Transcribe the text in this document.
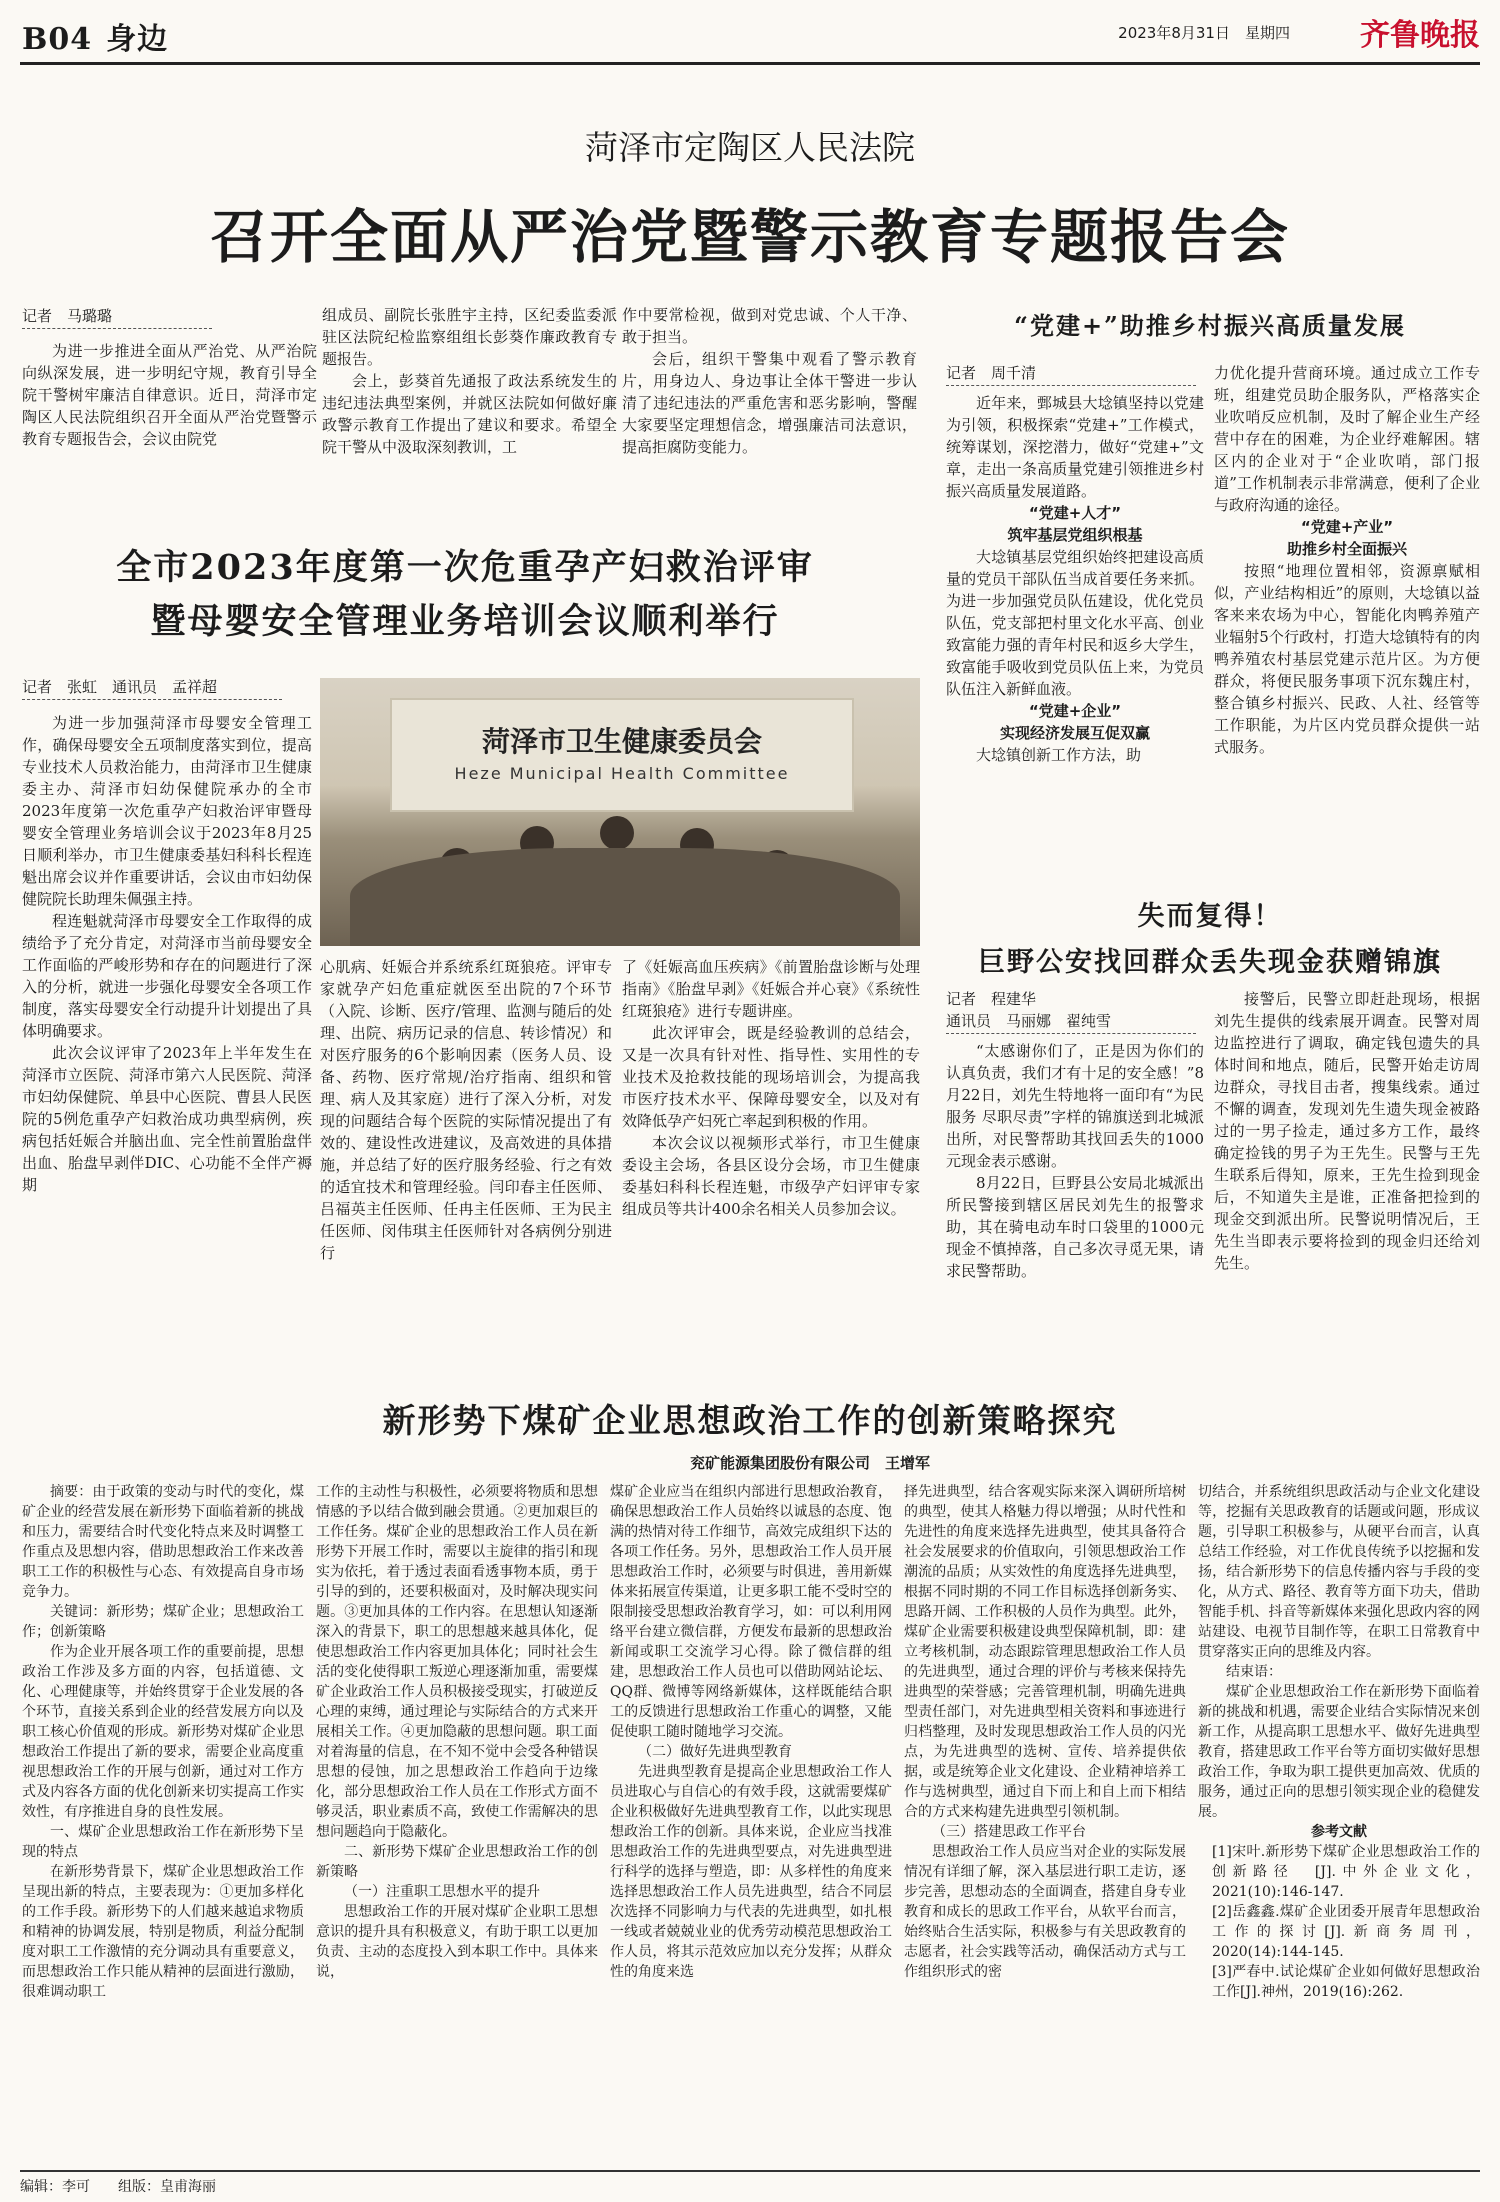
B04 身边	2023年8月31日　 星期四 齐鲁晚报
菏泽市定陶区人民法院
召开全面从严治党暨警示教育专题报告会
记者　马璐璐

为进一步推进全面从严治党、从严治院向纵深发展，进一步明纪守规，教育引导全院干警树牢廉洁自律意识。近日，菏泽市定陶区人民法院组织召开全面从严治党暨警示教育专题报告会，会议由院党

组成员、副院长张胜宇主持，区纪委监委派驻区法院纪检监察组组长彭葵作廉政教育专题报告。

会上，彭葵首先通报了政法系统发生的违纪违法典型案例，并就区法院如何做好廉政警示教育工作提出了建议和要求。希望全院干警从中汲取深刻教训，工

作中要常检视，做到对党忠诚、个人干净、敢于担当。

会后，组织干警集中观看了警示教育片，用身边人、身边事让全体干警进一步认清了违纪违法的严重危害和恶劣影响，警醒大家要坚定理想信念，增强廉洁司法意识，提高拒腐防变能力。

全市2023年度第一次危重孕产妇救治评审
暨母婴安全管理业务培训会议顺利举行
记者　张虹　通讯员　孟祥超
菏泽市卫生健康委员会
Heze Municipal Health Committee

为进一步加强菏泽市母婴安全管理工作，确保母婴安全五项制度落实到位，提高专业技术人员救治能力，由菏泽市卫生健康委主办、菏泽市妇幼保健院承办的全市2023年度第一次危重孕产妇救治评审暨母婴安全管理业务培训会议于2023年8月25日顺利举办，市卫生健康委基妇科科长程连魁出席会议并作重要讲话，会议由市妇幼保健院院长助理朱佩强主持。

程连魁就菏泽市母婴安全工作取得的成绩给予了充分肯定，对菏泽市当前母婴安全工作面临的严峻形势和存在的问题进行了深入的分析，就进一步强化母婴安全各项工作制度，落实母婴安全行动提升计划提出了具体明确要求。

此次会议评审了2023年上半年发生在菏泽市立医院、菏泽市第六人民医院、菏泽市妇幼保健院、单县中心医院、曹县人民医院的5例危重孕产妇救治成功典型病例，疾病包括妊娠合并脑出血、完全性前置胎盘伴出血、胎盘早剥伴DIC、心功能不全伴产褥期

心肌病、妊娠合并系统系红斑狼疮。评审专家就孕产妇危重症就医至出院的7个环节（入院、诊断、医疗/管理、监测与随后的处理、出院、病历记录的信息、转诊情况）和对医疗服务的6个影响因素（医务人员、设备、药物、医疗常规/治疗指南、组织和管理、病人及其家庭）进行了深入分析，对发现的问题结合每个医院的实际情况提出了有效的、建设性改进建议，及高效进的具体措施，并总结了好的医疗服务经验、行之有效的适宜技术和管理经验。闫印春主任医师、吕福英主任医师、任冉主任医师、王为民主任医师、闵伟琪主任医师针对各病例分别进行

了《妊娠高血压疾病》《前置胎盘诊断与处理指南》《胎盘早剥》《妊娠合并心衰》《系统性红斑狼疮》进行专题讲座。

此次评审会，既是经验教训的总结会，又是一次具有针对性、指导性、实用性的专业技术及抢救技能的现场培训会，为提高我市医疗技术水平、保障母婴安全，以及对有效降低孕产妇死亡率起到积极的作用。

本次会议以视频形式举行，市卫生健康委设主会场，各县区设分会场，市卫生健康委基妇科科长程连魁，市级孕产妇评审专家组成员等共计400余名相关人员参加会议。

“党建+”助推乡村振兴高质量发展
记者　周千清

近年来，鄄城县大埝镇坚持以党建为引领，积极探索“党建+”工作模式，统筹谋划，深挖潜力，做好“党建+”文章，走出一条高质量党建引领推进乡村振兴高质量发展道路。

“党建+人才”

筑牢基层党组织根基

大埝镇基层党组织始终把建设高质量的党员干部队伍当成首要任务来抓。为进一步加强党员队伍建设，优化党员队伍，党支部把村里文化水平高、创业致富能力强的青年村民和返乡大学生，致富能手吸收到党员队伍上来，为党员队伍注入新鲜血液。

“党建+企业”

实现经济发展互促双赢

大埝镇创新工作方法，助

力优化提升营商环境。通过成立工作专班，组建党员助企服务队，严格落实企业吹哨反应机制，及时了解企业生产经营中存在的困难，为企业纾难解困。辖区内的企业对于“企业吹哨，部门报道”工作机制表示非常满意，便利了企业与政府沟通的途径。

“党建+产业”

助推乡村全面振兴

按照“地理位置相邻，资源禀赋相似，产业结构相近”的原则，大埝镇以益客来来农场为中心，智能化肉鸭养殖产业辐射5个行政村，打造大埝镇特有的肉鸭养殖农村基层党建示范片区。为方便群众，将便民服务事项下沉东魏庄村，整合镇乡村振兴、民政、人社、经管等工作职能，为片区内党员群众提供一站式服务。

失而复得！
巨野公安找回群众丢失现金获赠锦旗
记者　程建华
通讯员　马丽娜　翟纯雪

“太感谢你们了，正是因为你们的认真负责，我们才有十足的安全感！”8月22日，刘先生特地将一面印有“为民服务 尽职尽责”字样的锦旗送到北城派出所，对民警帮助其找回丢失的1000元现金表示感谢。

8月22日，巨野县公安局北城派出所民警接到辖区居民刘先生的报警求助，其在骑电动车时口袋里的1000元现金不慎掉落，自己多次寻觅无果，请求民警帮助。

接警后，民警立即赶赴现场，根据刘先生提供的线索展开调查。民警对周边监控进行了调取，确定钱包遗失的具体时间和地点，随后，民警开始走访周边群众，寻找目击者，搜集线索。通过不懈的调查，发现刘先生遗失现金被路过的一男子捡走，通过多方工作，最终确定捡钱的男子为王先生。民警与王先生联系后得知，原来，王先生捡到现金后，不知道失主是谁，正准备把捡到的现金交到派出所。民警说明情况后，王先生当即表示要将捡到的现金归还给刘先生。

新形势下煤矿企业思想政治工作的创新策略探究
兖矿能源集团股份有限公司　王增军

摘要：由于政策的变动与时代的变化，煤矿企业的经营发展在新形势下面临着新的挑战和压力，需要结合时代变化特点来及时调整工作重点及思想内容，借助思想政治工作来改善职工工作的积极性与心态、有效提高自身市场竞争力。

关键词：新形势；煤矿企业；思想政治工作；创新策略

作为企业开展各项工作的重要前提，思想政治工作涉及多方面的内容，包括道德、文化、心理健康等，并始终贯穿于企业发展的各个环节，直接关系到企业的经营发展方向以及职工核心价值观的形成。新形势对煤矿企业思想政治工作提出了新的要求，需要企业高度重视思想政治工作的开展与创新，通过对工作方式及内容各方面的优化创新来切实提高工作实效性，有序推进自身的良性发展。

一、煤矿企业思想政治工作在新形势下呈现的特点

在新形势背景下，煤矿企业思想政治工作呈现出新的特点，主要表现为：①更加多样化的工作手段。新形势下的人们越来越追求物质和精神的协调发展，特别是物质，利益分配制度对职工工作激情的充分调动具有重要意义，而思想政治工作只能从精神的层面进行激励，很难调动职工

工作的主动性与积极性，必须要将物质和思想情感的予以结合做到融会贯通。②更加艰巨的工作任务。煤矿企业的思想政治工作人员在新形势下开展工作时，需要以主旋律的指引和现实为依托，着于透过表面看透事物本质，勇于引导的到的，还要积极面对，及时解决现实问题。③更加具体的工作内容。在思想认知逐渐深入的背景下，职工的思想越来越具体化，促使思想政治工作内容更加具体化；同时社会生活的变化使得职工叛逆心理逐渐加重，需要煤矿企业政治工作人员积极接受现实，打破逆反心理的束缚，通过理论与实际结合的方式来开展相关工作。④更加隐蔽的思想问题。职工面对着海量的信息，在不知不觉中会受各种错误思想的侵蚀，加之思想政治工作趋向于边缘化，部分思想政治工作人员在工作形式方面不够灵活，职业素质不高，致使工作需解决的思想问题趋向于隐蔽化。

二、新形势下煤矿企业思想政治工作的创新策略

（一）注重职工思想水平的提升

思想政治工作的开展对煤矿企业职工思想意识的提升具有积极意义，有助于职工以更加负责、主动的态度投入到本职工作中。具体来说，

煤矿企业应当在组织内部进行思想政治教育，确保思想政治工作人员始终以诚恳的态度、饱满的热情对待工作细节，高效完成组织下达的各项工作任务。另外，思想政治工作人员开展思想政治工作时，必须要与时俱进，善用新媒体来拓展宣传渠道，让更多职工能不受时空的限制接受思想政治教育学习，如：可以利用网络平台建立微信群，方便发布最新的思想政治新闻或职工交流学习心得。除了微信群的组建，思想政治工作人员也可以借助网站论坛、QQ群、微博等网络新媒体，这样既能结合职工的反馈进行思想政治工作重心的调整，又能促使职工随时随地学习交流。

（二）做好先进典型教育

先进典型教育是提高企业思想政治工作人员进取心与自信心的有效手段，这就需要煤矿企业积极做好先进典型教育工作，以此实现思想政治工作的创新。具体来说，企业应当找准思想政治工作的先进典型要点，对先进典型进行科学的选择与塑造，即：从多样性的角度来选择思想政治工作人员先进典型，结合不同层次选择不同影响力与代表的先进典型，如扎根一线或者兢兢业业的优秀劳动模范思想政治工作人员，将其示范效应加以充分发挥；从群众性的角度来选

择先进典型，结合客观实际来深入调研所培树的典型，使其人格魅力得以增强；从时代性和先进性的角度来选择先进典型，使其具备符合社会发展要求的价值取向，引领思想政治工作潮流的品质；从实效性的角度选择先进典型，根据不同时期的不同工作目标选择创新务实、思路开阔、工作积极的人员作为典型。此外，煤矿企业需要积极建设典型保障机制，即：建立考核机制，动态跟踪管理思想政治工作人员的先进典型，通过合理的评价与考核来保持先进典型的荣誉感；完善管理机制，明确先进典型责任部门，对先进典型相关资料和事迹进行归档整理，及时发现思想政治工作人员的闪光点，为先进典型的选树、宣传、培养提供依据，或是统筹企业文化建设、企业精神培养工作与选树典型，通过自下而上和自上而下相结合的方式来构建先进典型引领机制。

（三）搭建思政工作平台

思想政治工作人员应当对企业的实际发展情况有详细了解，深入基层进行职工走访，逐步完善，思想动态的全面调查，搭建自身专业教育和成长的思政工作平台，从软平台而言，始终贴合生活实际，积极参与有关思政教育的志愿者，社会实践等活动，确保活动方式与工作组织形式的密

切结合，并系统组织思政活动与企业文化建设等，挖掘有关思政教育的话题或问题，形成议题，引导职工积极参与，从硬平台而言，认真总结工作经验，对工作优良传统予以挖掘和发扬，结合新形势下的信息传播内容与手段的变化，从方式、路径、教育等方面下功夫，借助智能手机、抖音等新媒体来强化思政内容的网站建设、电视节目制作等，在职工日常教育中贯穿落实正向的思维及内容。

结束语：

煤矿企业思想政治工作在新形势下面临着新的挑战和机遇，需要企业结合实际情况来创新工作，从提高职工思想水平、做好先进典型教育，搭建思政工作平台等方面切实做好思想政治工作，争取为职工提供更加高效、优质的服务，通过正向的思想引领实现企业的稳健发展。

参考文献

[1]宋叶.新形势下煤矿企业思想政治工作的创新路径　[J].中外企业文化，2021(10):146-147.

[2]岳鑫鑫.煤矿企业团委开展青年思想政治工作的探讨[J].新商务周刊，2020(14):144-145.

[3]严春中.试论煤矿企业如何做好思想政治工作[J].神州，2019(16):262.

编辑：李可　　 组版：皇甫海丽
